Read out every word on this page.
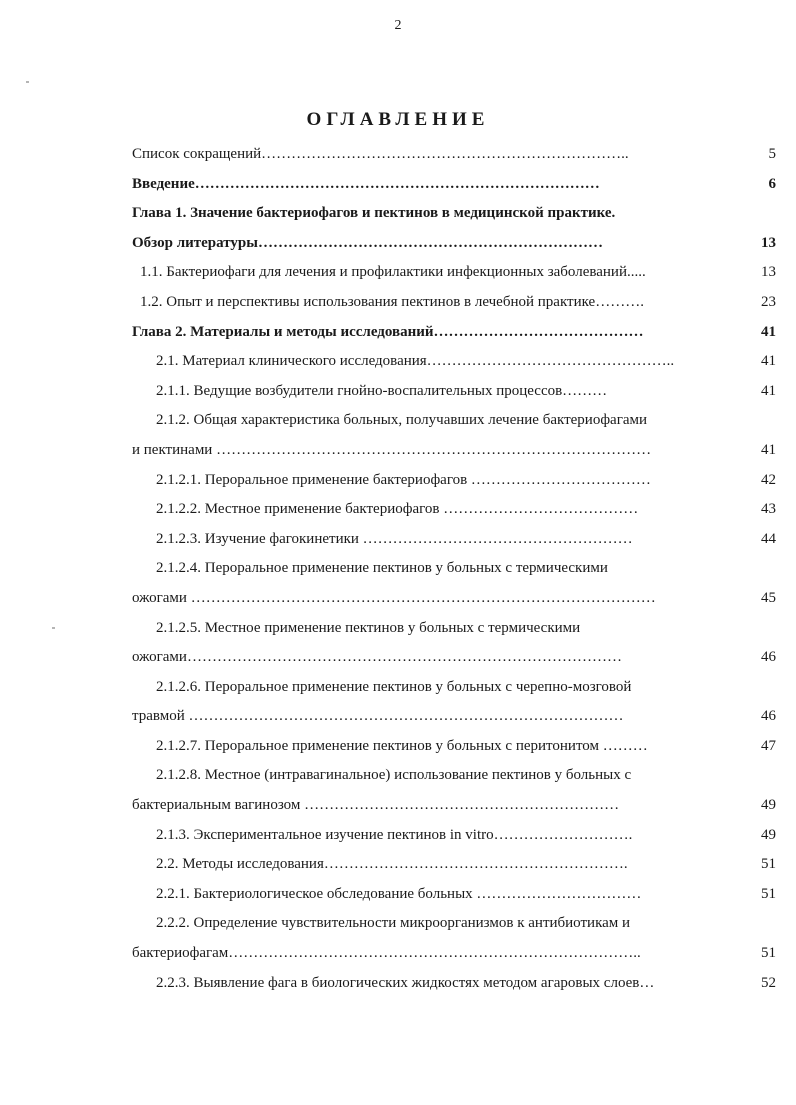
2
ОГЛАВЛЕНИЕ
Список сокращений………………………………………………………………..	5
Введение………………………………………………………………………	6
Глава 1. Значение бактериофагов и пектинов в медицинской практике.
Обзор литературы……………………………………………………………	13
1.1. Бактериофаги для лечения и профилактики инфекционных заболеваний.....	13
1.2. Опыт и перспективы использования пектинов в лечебной практике……….	23
Глава 2. Материалы и методы исследований……………………………………	41
2.1. Материал клинического исследования…………………………………………..	41
2.1.1. Ведущие возбудители гнойно-воспалительных процессов………	41
2.1.2. Общая характеристика больных, получавших лечение бактериофагами
и пектинами ……………………………………………………………………………	41
2.1.2.1. Пероральное применение бактериофагов ………………………………	42
2.1.2.2. Местное применение бактериофагов …………………………………	43
2.1.2.3. Изучение фагокинетики ………………………………………………	44
2.1.2.4. Пероральное применение пектинов у больных с термическими
ожогами …………………………………………………………………………………	45
2.1.2.5. Местное применение пектинов у больных с термическими
ожогами……………………………………………………………………………	46
2.1.2.6. Пероральное применение пектинов у больных с черепно-мозговой
травмой ……………………………………………………………………………	46
2.1.2.7. Пероральное применение пектинов у больных с перитонитом ………	47
2.1.2.8. Местное (интравагинальное) использование пектинов у больных с
бактериальным вагинозом ………………………………………………………	49
2.1.3. Экспериментальное изучение пектинов in vitro……………………….	49
2.2. Методы исследования…………………………………………………….	51
2.2.1. Бактериологическое обследование больных ……………………………	51
2.2.2. Определение чувствительности микроорганизмов к антибиотикам и
бактериофагам………………………………………………………………………..	51
2.2.3. Выявление фага в биологических жидкостях методом агаровых слоев…	52
